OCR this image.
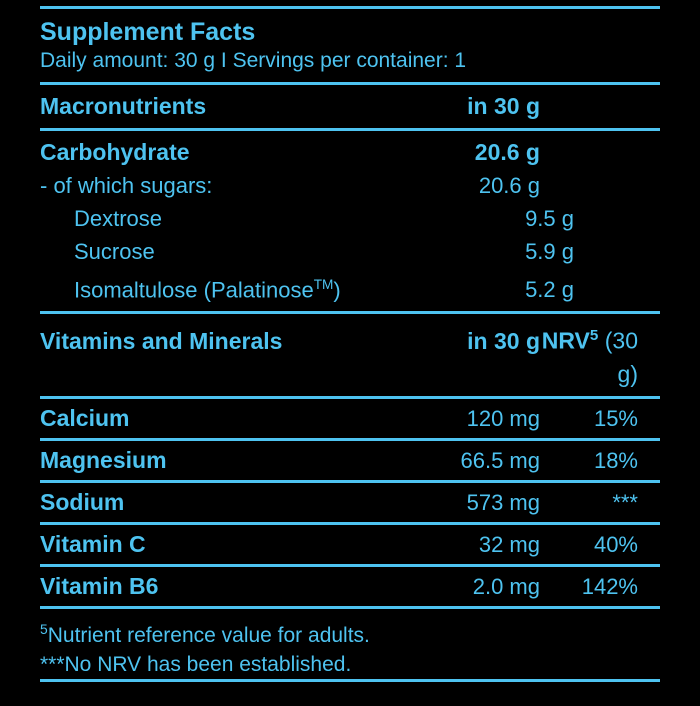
Supplement Facts
Daily amount: 30 g I Servings per container: 1
Macronutrients	in 30 g
Carbohydrate	20.6 g
- of which sugars:	20.6 g
Dextrose	9.5 g
Sucrose	5.9 g
Isomaltulose (Palatinose™)	5.2 g
Vitamins and Minerals	in 30 g NRV$^5$ (30 g)
Calcium	120 mg	15%
Magnesium	66.5 mg	18%
Sodium	573 mg	***
Vitamin C	32 mg	40%
Vitamin B6	2.0 mg	142%
$^5$Nutrient reference value for adults.
***No NRV has been established.
